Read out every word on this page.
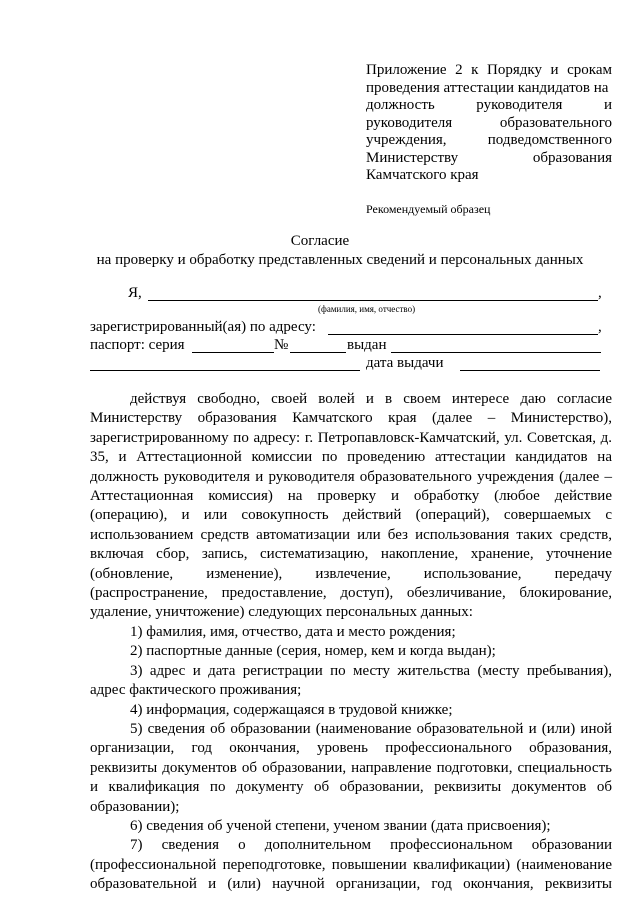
Приложение 2 к Порядку и срокам
проведения аттестации кандидатов на
должность	руководителя	и
руководителя	образовательного
учреждения,	подведомственного
Министерству	образования
Камчатского края
Рекомендуемый образец
Согласие
на проверку и обработку представленных сведений и персональных данных
Я,	,
(фамилия, имя, отчество)
зарегистрированный(ая) по адресу:	,
паспорт: серия	№	выдан
дата выдачи

действуя свободно, своей волей и в своем интересе даю согласие Министерству образования Камчатского края (далее – Министерство), зарегистрированному по адресу: г. Петропавловск-Камчатский, ул. Советская, д. 35, и Аттестационной комиссии по проведению аттестации кандидатов на должность руководителя и руководителя образовательного учреждения (далее – Аттестационная комиссия) на проверку и обработку (любое действие (операцию), и или совокупность действий (операций), совершаемых с использованием средств автоматизации или без использования таких средств, включая сбор, запись, систематизацию, накопление, хранение, уточнение (обновление, изменение), извлечение, использование, передачу (распространение, предоставление, доступ), обезличивание, блокирование, удаление, уничтожение) следующих персональных данных:

1) фамилия, имя, отчество, дата и место рождения;

2) паспортные данные (серия, номер, кем и когда выдан);

3) адрес и дата регистрации по месту жительства (месту пребывания), адрес фактического проживания;

4) информация, содержащаяся в трудовой книжке;

5) сведения об образовании (наименование образовательной и (или) иной организации, год окончания, уровень профессионального образования, реквизиты документов об образовании, направление подготовки, специальность и квалификация по документу об образовании, реквизиты документов об образовании);

6) сведения об ученой степени, ученом звании (дата присвоения);

7) сведения о дополнительном профессиональном образовании (профессиональной переподготовке, повышении квалификации) (наименование образовательной и (или) научной организации, год окончания, реквизиты
